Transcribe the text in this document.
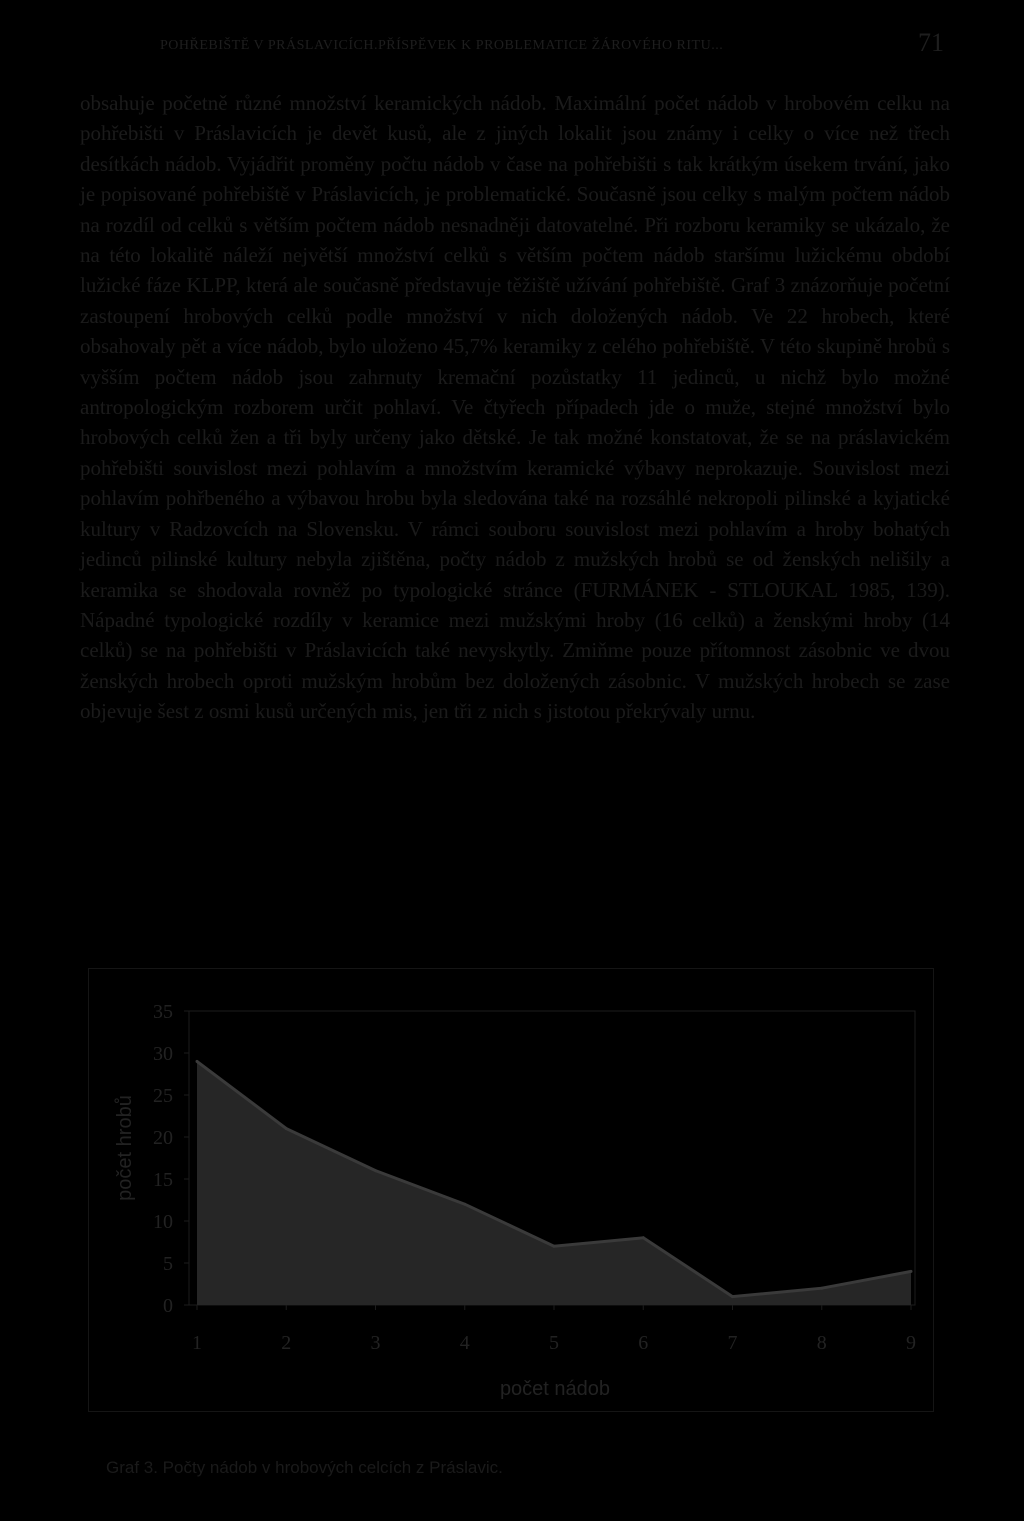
POHŘEBIŠTĚ V PRÁSLAVICÍCH.PŘÍSPĚVEK K PROBLEMATICE ŽÁROVÉHO RITU...	71

obsahuje početně různé množství keramických nádob. Maximální počet nádob v hrobovém celku na pohřebišti v Práslavicích je devět kusů, ale z jiných lokalit jsou známy i celky o více než třech desítkách nádob. Vyjádřit proměny počtu nádob v čase na pohřebišti s tak krátkým úsekem trvání, jako je popisované pohřebiště v Práslavicích, je problematické. Současně jsou celky s malým počtem nádob na rozdíl od celků s větším počtem nádob nesnadněji datovatelné. Při rozboru keramiky se ukázalo, že na této lokalitě náleží největší množství celků s větším počtem nádob staršímu lužickému období lužické fáze KLPP, která ale současně představuje těžiště užívání pohřebiště. Graf 3 znázorňuje početní zastoupení hrobových celků podle množství v nich doložených nádob. Ve 22 hrobech, které obsahovaly pět a více nádob, bylo uloženo 45,7% keramiky z celého pohřebiště. V této skupině hrobů s vyšším počtem nádob jsou zahrnuty kremační pozůstatky 11 jedinců, u nichž bylo možné antropologickým rozborem určit pohlaví. Ve čtyřech případech jde o muže, stejné množství bylo hrobových celků žen a tři byly určeny jako dětské. Je tak možné konstatovat, že se na práslavickém pohřebišti souvislost mezi pohlavím a množstvím keramické výbavy neprokazuje. Souvislost mezi pohlavím pohřbeného a výbavou hrobu byla sledována také na rozsáhlé nekropoli pilinské a kyjatické kultury v Radzovcích na Slovensku. V rámci souboru souvislost mezi pohlavím a hroby bohatých jedinců pilinské kultury nebyla zjištěna, počty nádob z mužských hrobů se od ženských nelišily a keramika se shodovala rovněž po typologické stránce (FURMÁNEK - STLOUKAL 1985, 139). Nápadné typologické rozdíly v keramice mezi mužskými hroby (16 celků) a ženskými hroby (14 celků) se na pohřebišti v Práslavicích také nevyskytly. Zmiňme pouze přítomnost zásobnic ve dvou ženských hrobech oproti mužským hrobům bez doložených zásobnic. V mužských hrobech se zase objevuje šest z osmi kusů určených mis, jen tři z nich s jistotou překrývaly urnu.

0
5
10
15
20
25
30
35
1	2	3	4	5	6	7	8	9
počet nádob
počet hrobů
Graf 3. Počty nádob v hrobových celcích z Práslavic.
